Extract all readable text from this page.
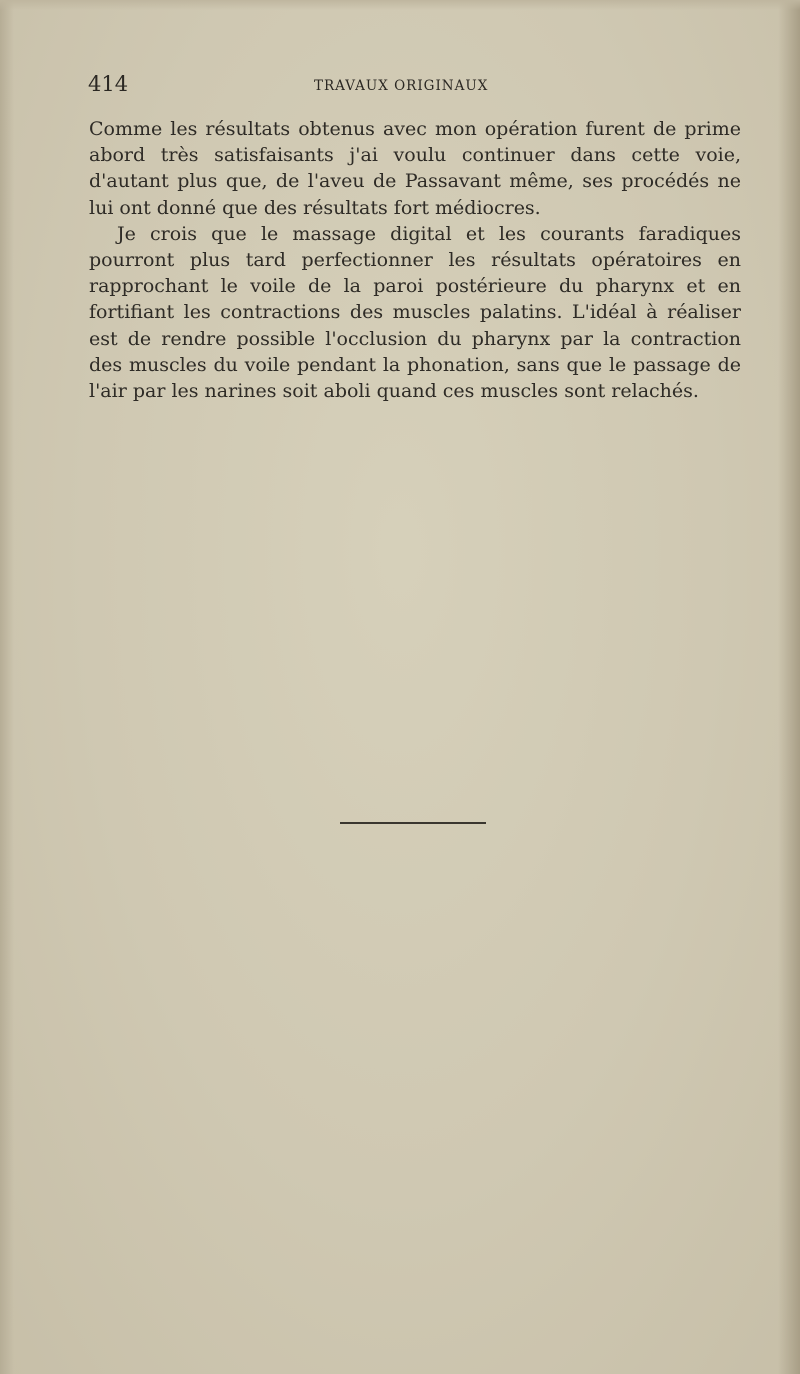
414	TRAVAUX ORIGINAUX

Comme les résultats obtenus avec mon opération furent de prime abord très satisfaisants j'ai voulu continuer dans cette voie, d'autant plus que, de l'aveu de Passavant même, ses procédés ne lui ont donné que des résultats fort médiocres.

Je crois que le massage digital et les courants faradiques pourront plus tard perfectionner les résultats opératoires en rapprochant le voile de la paroi postérieure du pharynx et en fortifiant les contractions des muscles palatins. L'idéal à réaliser est de rendre possible l'occlusion du pharynx par la contraction des muscles du voile pendant la phonation, sans que le passage de l'air par les narines soit aboli quand ces muscles sont relachés.
